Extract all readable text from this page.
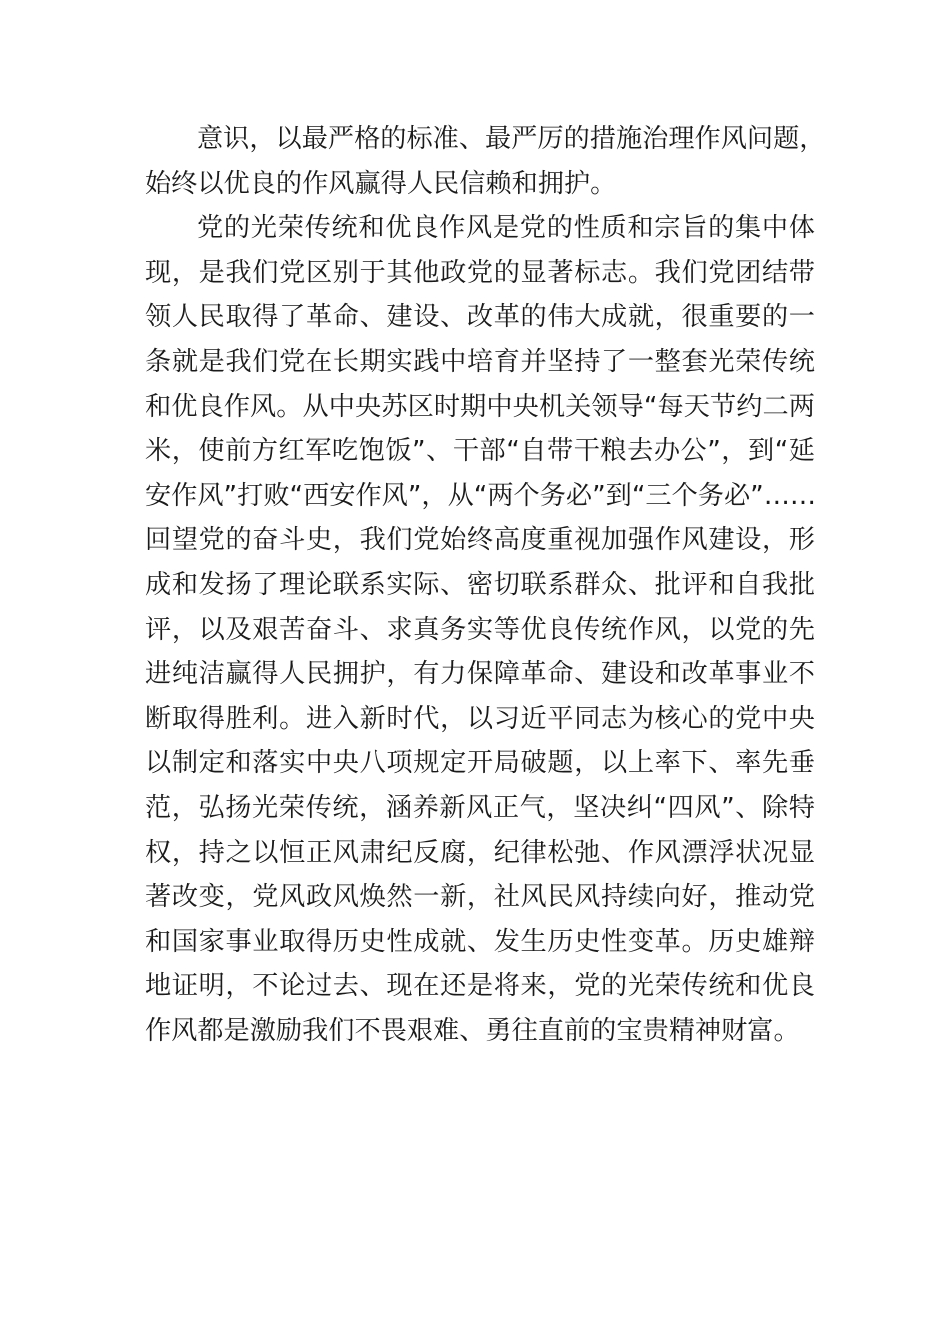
意识，以最严格的标准、最严厉的措施治理作风问题，
始终以优良的作风赢得人民信赖和拥护。
党的光荣传统和优良作风是党的性质和宗旨的集中体
现，是我们党区别于其他政党的显著标志。我们党团结带
领人民取得了革命、建设、改革的伟大成就，很重要的一
条就是我们党在长期实践中培育并坚持了一整套光荣传统
和优良作风。从中央苏区时期中央机关领导“每天节约二两
米，使前方红军吃饱饭”、干部“自带干粮去办公”，到“延
安作风”打败“西安作风”，从“两个务必”到“三个务必”……
回望党的奋斗史，我们党始终高度重视加强作风建设，形
成和发扬了理论联系实际、密切联系群众、批评和自我批
评，以及艰苦奋斗、求真务实等优良传统作风，以党的先
进纯洁赢得人民拥护，有力保障革命、建设和改革事业不
断取得胜利。进入新时代，以习近平同志为核心的党中央
以制定和落实中央八项规定开局破题，以上率下、率先垂
范，弘扬光荣传统，涵养新风正气，坚决纠“四风”、除特
权，持之以恒正风肃纪反腐，纪律松弛、作风漂浮状况显
著改变，党风政风焕然一新，社风民风持续向好，推动党
和国家事业取得历史性成就、发生历史性变革。历史雄辩
地证明，不论过去、现在还是将来，党的光荣传统和优良
作风都是激励我们不畏艰难、勇往直前的宝贵精神财富。
